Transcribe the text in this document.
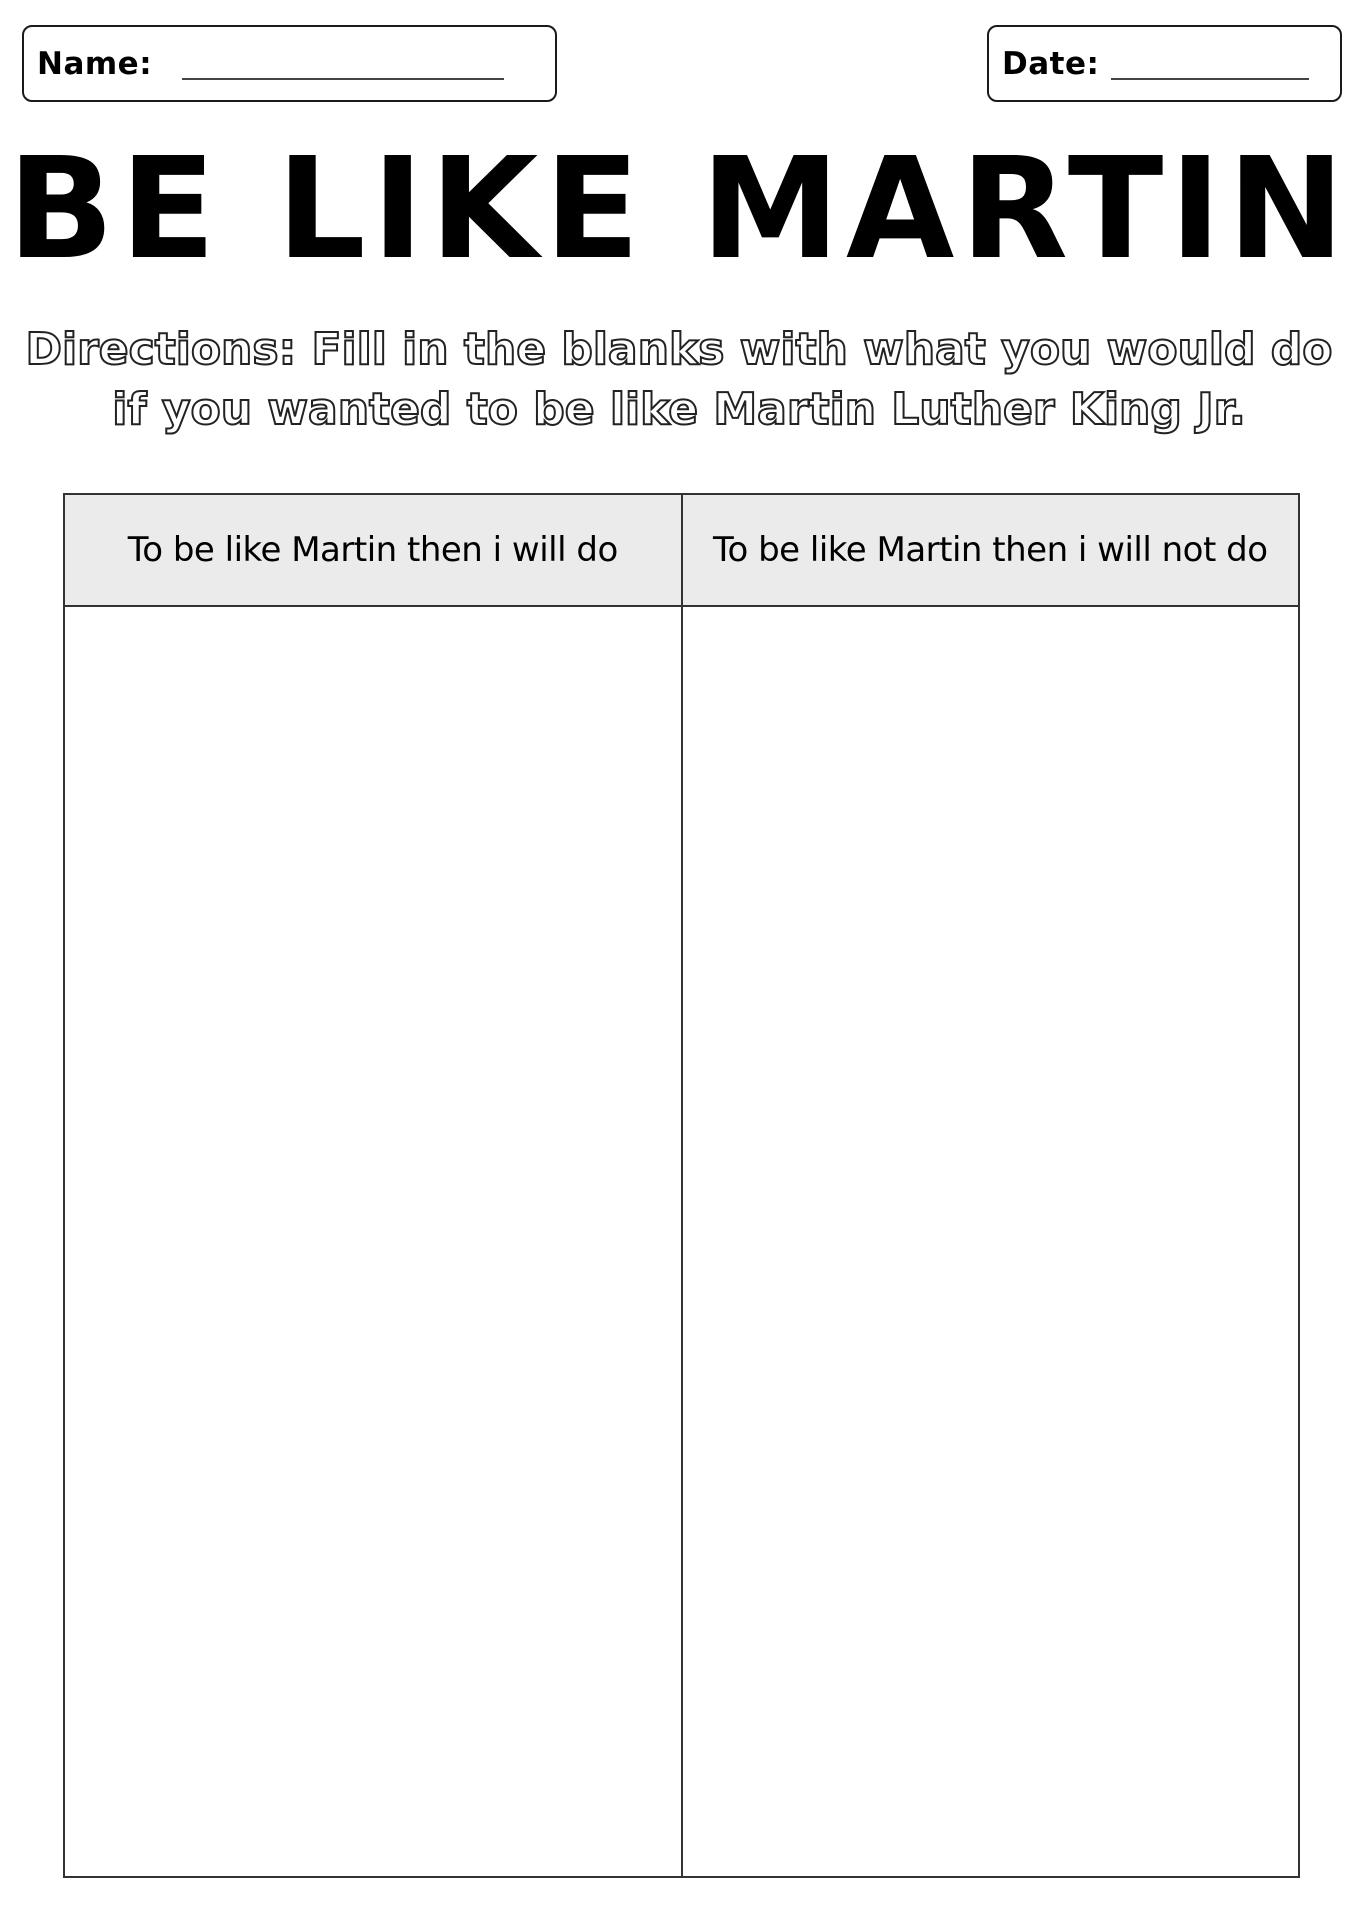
Name:	Date:
BE LIKE MARTIN
Directions: Fill in the blanks with what you would do
if you wanted to be like Martin Luther King Jr.
To be like Martin then i will do	To be like Martin then i will not do
